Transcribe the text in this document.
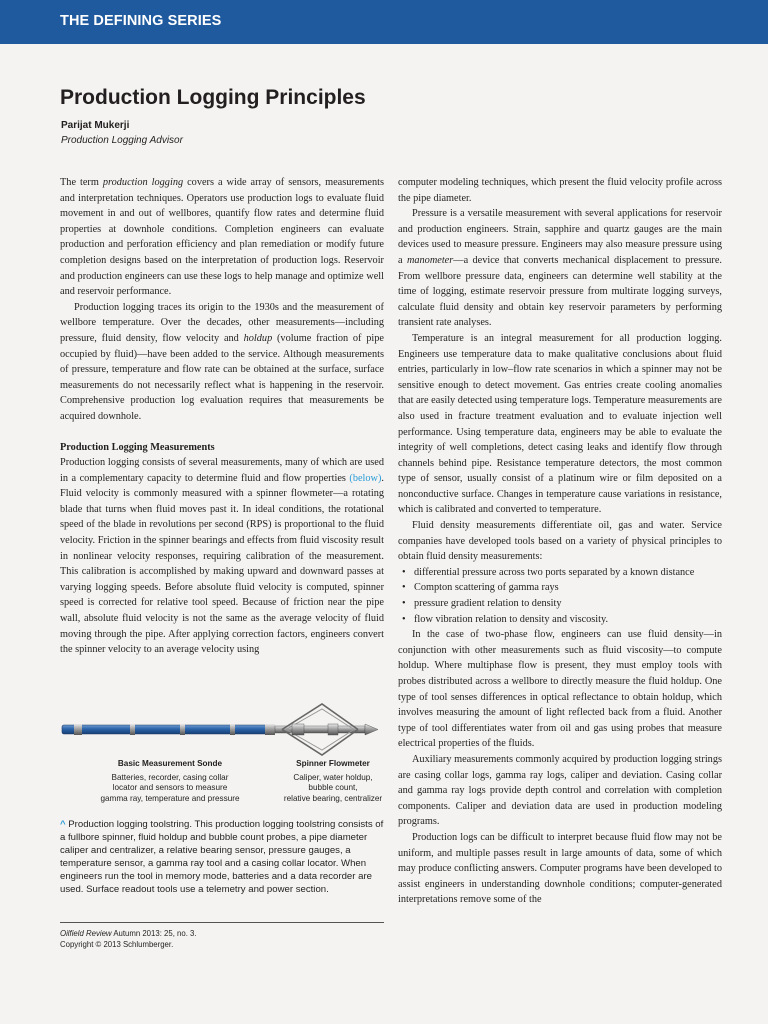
THE DEFINING SERIES
Production Logging Principles
Parijat Mukerji
Production Logging Advisor

The term production logging covers a wide array of sensors, measurements and interpretation techniques. Operators use production logs to evaluate fluid movement in and out of wellbores, quantify flow rates and determine fluid properties at downhole conditions. Completion engineers can evaluate production and perforation efficiency and plan remediation or modify future completion designs based on the interpretation of production logs. Reservoir and production engineers can use these logs to help manage and optimize well and reservoir performance.

Production logging traces its origin to the 1930s and the measurement of wellbore temperature. Over the decades, other measurements—including pressure, fluid density, flow velocity and holdup (volume fraction of pipe occupied by fluid)—have been added to the service. Although measurements of pressure, temperature and flow rate can be obtained at the surface, surface measurements do not necessarily reflect what is happening in the reservoir. Comprehensive production log evaluation requires that measurements be acquired downhole.

Production Logging Measurements

Production logging consists of several measurements, many of which are used in a complementary capacity to determine fluid and flow properties (below). Fluid velocity is commonly measured with a spinner flowmeter—a rotating blade that turns when fluid moves past it. In ideal conditions, the rotational speed of the blade in revolutions per second (RPS) is proportional to the fluid velocity. Friction in the spinner bearings and effects from fluid viscosity result in nonlinear velocity responses, requiring calibration of the measurement. This calibration is accomplished by making upward and downward passes at varying logging speeds. Before absolute fluid velocity is computed, spinner speed is corrected for relative tool speed. Because of friction near the pipe wall, absolute fluid velocity is not the same as the average velocity of fluid moving through the pipe. After applying correction factors, engineers convert the spinner velocity to an average velocity using

computer modeling techniques, which present the fluid velocity profile across the pipe diameter.

Pressure is a versatile measurement with several applications for reservoir and production engineers. Strain, sapphire and quartz gauges are the main devices used to measure pressure. Engineers may also measure pressure using a manometer—a device that converts mechanical displacement to pressure. From wellbore pressure data, engineers can determine well stability at the time of logging, estimate reservoir pressure from multirate logging surveys, calculate fluid density and obtain key reservoir parameters by performing transient rate analyses.

Temperature is an integral measurement for all production logging. Engineers use temperature data to make qualitative conclusions about fluid entries, particularly in low–flow rate scenarios in which a spinner may not be sensitive enough to detect movement. Gas entries create cooling anomalies that are easily detected using temperature logs. Temperature measurements are also used in fracture treatment evaluation and to evaluate injection well performance. Using temperature data, engineers may be able to evaluate the integrity of well completions, detect casing leaks and identify flow through channels behind pipe. Resistance temperature detectors, the most common type of sensor, usually consist of a platinum wire or film deposited on a nonconductive surface. Changes in temperature cause variations in resistance, which is calibrated and converted to temperature.

Fluid density measurements differentiate oil, gas and water. Service companies have developed tools based on a variety of physical principles to obtain fluid density measurements:

• differential pressure across two ports separated by a known distance
• Compton scattering of gamma rays
• pressure gradient relation to density
• flow vibration relation to density and viscosity.

In the case of two-phase flow, engineers can use fluid density—in conjunction with other measurements such as fluid viscosity—to compute holdup. Where multiphase flow is present, they must employ tools with probes distributed across a wellbore to directly measure the fluid holdup. One type of tool senses differences in optical reflectance to obtain holdup, which involves measuring the amount of light reflected back from a fluid. Another type of tool differentiates water from oil and gas using probes that measure electrical properties of the fluids.

Auxiliary measurements commonly acquired by production logging strings are casing collar logs, gamma ray logs, caliper and deviation. Casing collar and gamma ray logs provide depth control and correlation with completion components. Caliper and deviation data are used in production modeling programs.

Production logs can be difficult to interpret because fluid flow may not be uniform, and multiple passes result in large amounts of data, some of which may produce conflicting answers. Computer programs have been developed to assist engineers in understanding downhole conditions; computer-generated interpretations remove some of the

Basic Measurement Sonde
Batteries, recorder, casing collar
locator and sensors to measure
gamma ray, temperature and pressure
Spinner Flowmeter
Caliper, water holdup,
bubble count,
relative bearing, centralizer
^ Production logging toolstring. This production logging toolstring consists of a fullbore spinner, fluid holdup and bubble count probes, a pipe diameter caliper and centralizer, a relative bearing sensor, pressure gauges, a temperature sensor, a gamma ray tool and a casing collar locator. When engineers run the tool in memory mode, batteries and a data recorder are used. Surface readout tools use a telemetry and power section.
Oilfield Review Autumn 2013: 25, no. 3.
Copyright © 2013 Schlumberger.
